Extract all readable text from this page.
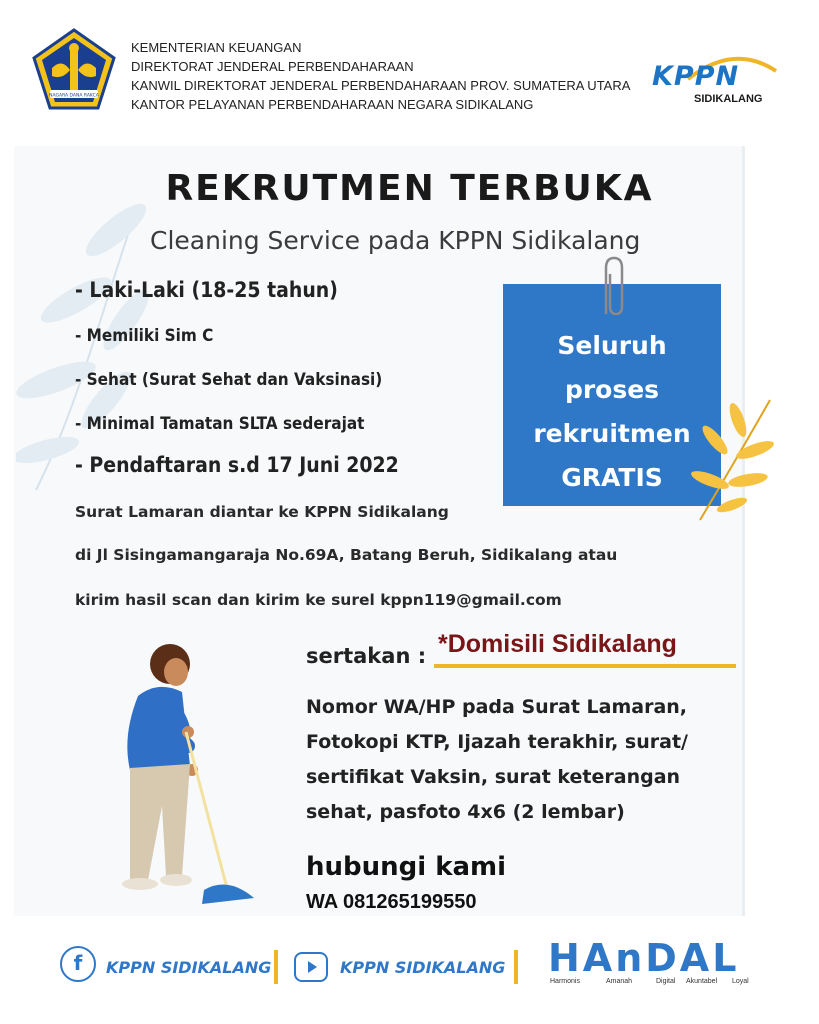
NAGARA DANA RAKCA
KEMENTERIAN KEUANGAN
DIREKTORAT JENDERAL PERBENDAHARAAN
KANWIL DIREKTORAT JENDERAL PERBENDAHARAAN PROV. SUMATERA UTARA
KANTOR PELAYANAN PERBENDAHARAAN NEGARA SIDIKALANG
KPPN
SIDIKALANG
REKRUTMEN TERBUKA
Cleaning Service pada KPPN Sidikalang
- Laki-Laki (18-25 tahun)
- Memiliki Sim C
- Sehat (Surat Sehat dan Vaksinasi)
- Minimal Tamatan SLTA sederajat
- Pendaftaran s.d 17 Juni 2022
Surat Lamaran diantar ke KPPN Sidikalang
di Jl Sisingamangaraja No.69A, Batang Beruh, Sidikalang atau
kirim hasil scan dan kirim ke surel kppn119@gmail.com
Seluruh
proses
rekruitmen
GRATIS
sertakan : *Domisili Sidikalang
Nomor WA/HP pada Surat Lamaran,
Fotokopi KTP, Ijazah terakhir, surat/
sertifikat Vaksin, surat keterangan
sehat, pasfoto 4x6 (2 lembar)
hubungi kami
WA 081265199550
f	KPPN SIDIKALANG	KPPN SIDIKALANG HAnDAL
Harmonis	Amanah	Digital Akuntabel Loyal
